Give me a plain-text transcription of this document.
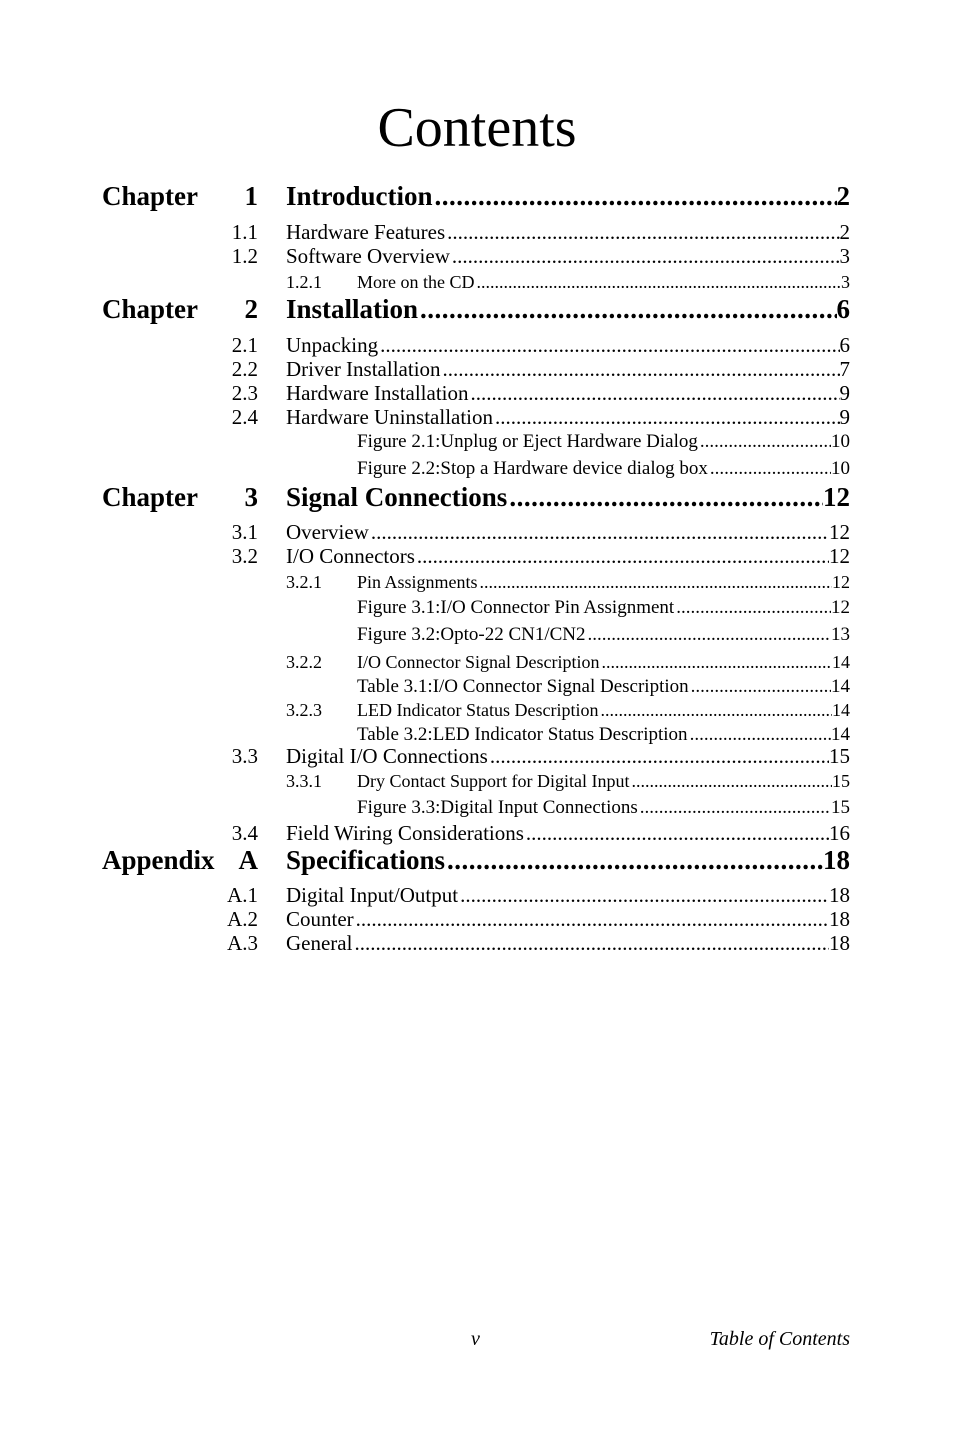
Contents
Chapter 1 Introduction .....	2
1.1 Hardware Features .....	2
1.2 Software Overview .....	3
1.2.1 More on the CD .....	3
Chapter 2 Installation .....	6
2.1 Unpacking .....	6
2.2 Driver Installation .....	7
2.3 Hardware Installation .....	9
2.4 Hardware Uninstallation .....	9
Figure 2.1:Unplug or Eject Hardware Dialog .....	10
Figure 2.2:Stop a Hardware device dialog box .....	10
Chapter 3 Signal Connections .....	12
3.1 Overview .....	12
3.2 I/O Connectors .....	12
3.2.1 Pin Assignments .....	12
Figure 3.1:I/O Connector Pin Assignment .....	12
Figure 3.2:Opto-22 CN1/CN2 .....	13
3.2.2 I/O Connector Signal Description .....	14
Table 3.1:I/O Connector Signal Description .....	14
3.2.3 LED Indicator Status Description .....	14
Table 3.2:LED Indicator Status Description .....	14
3.3 Digital I/O Connections .....	15
3.3.1 Dry Contact Support for Digital Input .....	15
Figure 3.3:Digital Input Connections .....	15
3.4 Field Wiring Considerations .....	16
Appendix A Specifications .....	18
A.1 Digital Input/Output .....	18
A.2 Counter .....	18
A.3 General .....	18
v	Table of Contents
